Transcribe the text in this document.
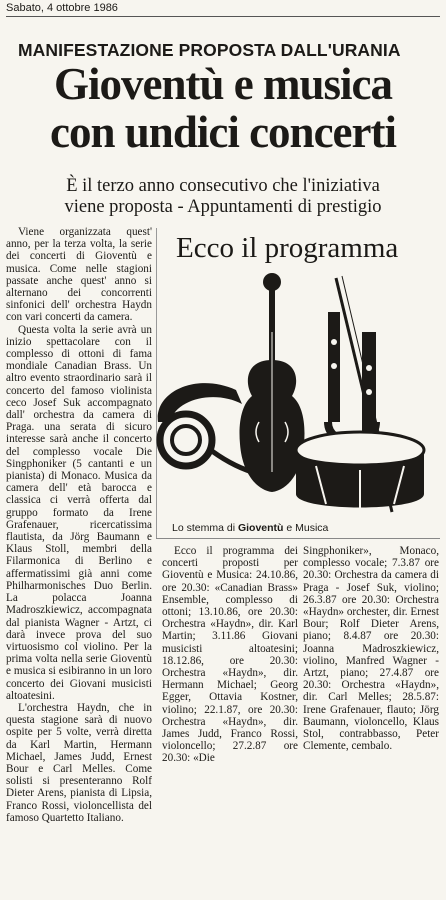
Sabato, 4 ottobre 1986
MANIFESTAZIONE PROPOSTA DALL'URANIA
Gioventù e musica
con undici concerti
È il terzo anno consecutivo che l'iniziativa
viene proposta - Appuntamenti di prestigio

Viene organizzata quest' anno, per la terza volta, la serie dei concerti di Gioventù e musica. Come nelle stagioni passate anche quest' anno si alternano dei concorrenti sinfonici dell' orchestra Haydn con vari concerti da camera.

Questa volta la serie avrà un inizio spettacolare con il complesso di ottoni di fama mondiale Canadian Brass. Un altro evento straordinario sarà il concerto del famoso violinista ceco Josef Suk accompagnato dall' orchestra da camera di Praga. una serata di sicuro interesse sarà anche il concerto del complesso vocale Die Singphoniker (5 cantanti e un pianista) di Monaco. Musica da camera dell' età barocca e classica ci verrà offerta dal gruppo formato da Irene Grafenauer, ricercatissima flautista, da Jörg Baumann e Klaus Stoll, membri della Filarmonica di Berlino e affermatissimi già anni come Philharmonisches Duo Berlin. La polacca Joanna Madroszkiewicz, accompagnata dal pianista Wagner - Artzt, ci darà invece prova del suo virtuosismo col violino. Per la prima volta nella serie Gioventù e musica si esibiranno in un loro concerto dei Giovani musicisti altoatesini.

L'orchestra Haydn, che in questa stagione sarà di nuovo ospite per 5 volte, verrà diretta da Karl Martin, Hermann Michael, James Judd, Ernest Bour e Carl Melles. Come solisti si presenteranno Rolf Dieter Arens, pianista di Lipsia, Franco Rossi, violoncellista del famoso Quartetto Italiano.

Ecco il programma
Lo stemma di Gioventù e Musica

Ecco il programma dei concerti proposti per Gioventù e Musica: 24.10.86, ore 20.30: «Canadian Brass» Ensemble, complesso di ottoni; 13.10.86, ore 20.30: Orchestra «Haydn», dir. Karl Martin; 3.11.86 Giovani musicisti altoatesini; 18.12.86, ore 20.30: Orchestra «Haydn», dir. Hermann Michael; Georg Egger, Ottavia Kostner, violino; 22.1.87, ore 20.30: Orchestra «Haydn», dir. James Judd, Franco Rossi, violoncello; 27.2.87 ore 20.30: «Die

Singphoniker», Monaco, complesso vocale; 7.3.87 ore 20.30: Orchestra da camera di Praga - Josef Suk, violino; 26.3.87 ore 20.30: Orchestra «Haydn» orchester, dir. Ernest Bour; Rolf Dieter Arens, piano; 8.4.87 ore 20.30: Joanna Madroszkiewicz, violino, Manfred Wagner - Artzt, piano; 27.4.87 ore 20.30: Orchestra «Haydn», dir. Carl Melles; 28.5.87: Irene Grafenauer, flauto; Jörg Baumann, violoncello, Klaus Stol, contrabbasso, Peter Clemente, cembalo.
